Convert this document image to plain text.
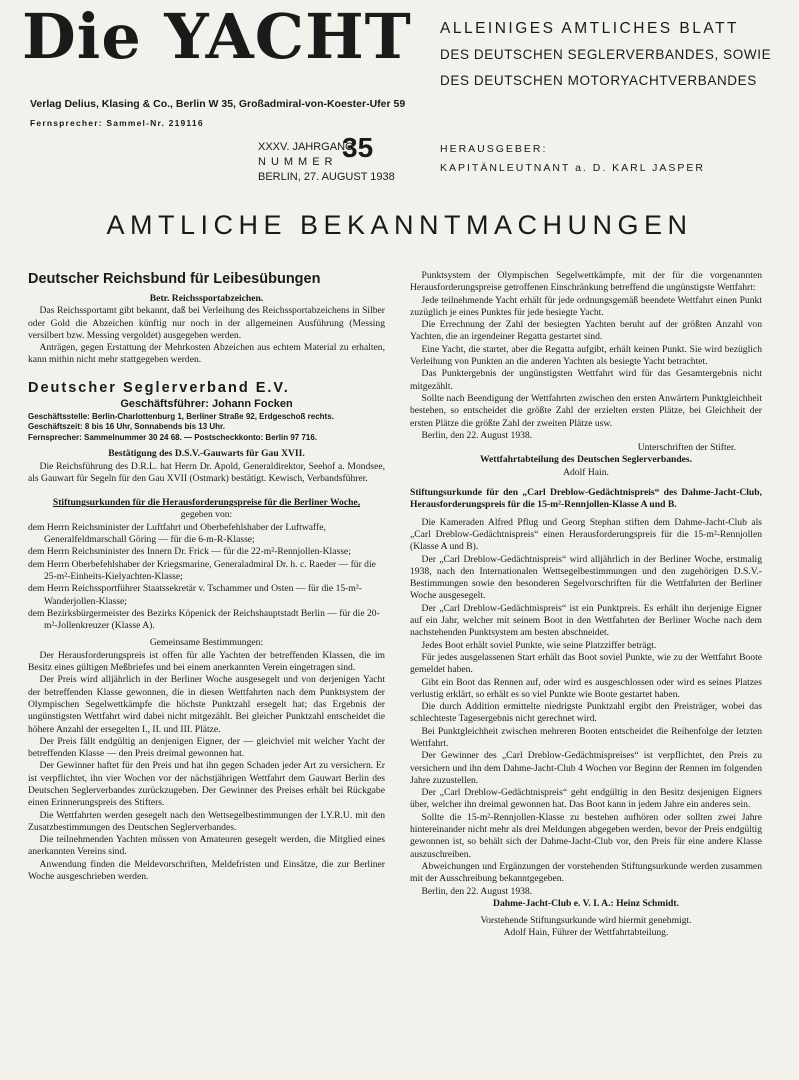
Die YACHT ALLEINIGES AMTLICHES BLATT
DES DEUTSCHEN SEGLERVERBANDES, SOWIE
DES DEUTSCHEN MOTORYACHTVERBANDES
Verlag Delius, Klasing & Co., Berlin W 35, Großadmiral-von-Koester-Ufer 59
Fernsprecher: Sammel-Nr. 219116
XXXV. JAHRGANG
NUMMER
BERLIN, 27. AUGUST 1938
35	HERAUSGEBER:
KAPITÄNLEUTNANT a. D. KARL JASPER
AMTLICHE BEKANNTMACHUNGEN
Deutscher Reichsbund für Leibesübungen
Betr. Reichssportabzeichen.

Das Reichssportamt gibt bekannt, daß bei Verleihung des Reichssportabzeichens in Silber oder Gold die Abzeichen künftig nur noch in der allgemeinen Ausführung (Messing versilbert bzw. Messing vergoldet) ausgegeben werden.

Anträgen, gegen Erstattung der Mehrkosten Abzeichen aus echtem Material zu erhalten, kann mithin nicht mehr stattgegeben werden.

Deutscher Seglerverband E.V.
Geschäftsführer: Johann Focken
Geschäftsstelle: Berlin-Charlottenburg 1, Berliner Straße 92, Erdgeschoß rechts.
Geschäftszeit: 8 bis 16 Uhr, Sonnabends bis 13 Uhr.
Fernsprecher: Sammelnummer 30 24 68. — Postscheckkonto: Berlin 97 716.
Bestätigung des D.S.V.-Gauwarts für Gau XVII.

Die Reichsführung des D.R.L. hat Herrn Dr. Apold, Generaldirektor, Seehof a. Mondsee, als Gauwart für Segeln für den Gau XVII (Ostmark) bestätigt. Kewisch, Verbandsführer.

Stiftungsurkunden für die Herausforderungspreise für die Berliner Woche,
gegeben von:
dem Herrn Reichsminister der Luftfahrt und Oberbefehlshaber der Luftwaffe, Generalfeldmarschall Göring — für die 6-m-R-Klasse;
dem Herrn Reichsminister des Innern Dr. Frick — für die 22-m²-Rennjollen-Klasse;
dem Herrn Oberbefehlshaber der Kriegsmarine, Generaladmiral Dr. h. c. Raeder — für die 25-m²-Einheits-Kielyachten-Klasse;
dem Herrn Reichssportführer Staatssekretär v. Tschammer und Osten — für die 15-m²-Wanderjollen-Klasse;
dem Bezirksbürgermeister des Bezirks Köpenick der Reichshauptstadt Berlin — für die 20-m²-Jollenkreuzer (Klasse A).
Gemeinsame Bestimmungen:

Der Herausforderungspreis ist offen für alle Yachten der betreffenden Klassen, die im Besitz eines gültigen Meßbriefes und bei einem anerkannten Verein eingetragen sind.

Der Preis wird alljährlich in der Berliner Woche ausgesegelt und von derjenigen Yacht der betreffenden Klasse gewonnen, die in diesen Wettfahrten nach dem Punktsystem der Olympischen Segelwettkämpfe die höchste Punktzahl ersegelt hat; das Ergebnis der ungünstigsten Wettfahrt wird dabei nicht mitgezählt. Bei gleicher Punktzahl entscheidet die höhere Anzahl der ersegelten I., II. und III. Plätze.

Der Preis fällt endgültig an denjenigen Eigner, der — gleichviel mit welcher Yacht der betreffenden Klasse — den Preis dreimal gewonnen hat.

Der Gewinner haftet für den Preis und hat ihn gegen Schaden jeder Art zu versichern. Er ist verpflichtet, ihn vier Wochen vor der nächstjährigen Wettfahrt dem Gauwart Berlin des Deutschen Seglerverbandes zurückzugeben. Der Gewinner des Preises erhält bei Rückgabe einen Erinnerungspreis des Stifters.

Die Wettfahrten werden gesegelt nach den Wettsegelbestimmungen der I.Y.R.U. mit den Zusatzbestimmungen des Deutschen Seglerverbandes.

Die teilnehmenden Yachten müssen von Amateuren gesegelt werden, die Mitglied eines anerkannten Vereins sind.

Anwendung finden die Meldevorschriften, Meldefristen und Einsätze, die zur Berliner Woche ausgeschrieben werden.

Punktsystem der Olympischen Segelwettkämpfe, mit der für die vorgenannten Herausforderungspreise getroffenen Einschränkung betreffend die ungünstigste Wettfahrt:

Jede teilnehmende Yacht erhält für jede ordnungsgemäß beendete Wettfahrt einen Punkt zuzüglich je eines Punktes für jede besiegte Yacht.

Die Errechnung der Zahl der besiegten Yachten beruht auf der größten Anzahl von Yachten, die an irgendeiner Regatta gestartet sind.

Eine Yacht, die startet, aber die Regatta aufgibt, erhält keinen Punkt. Sie wird bezüglich Verleihung von Punkten an die anderen Yachten als besiegte Yacht betrachtet.

Das Punktergebnis der ungünstigsten Wettfahrt wird für das Gesamtergebnis nicht mitgezählt.

Sollte nach Beendigung der Wettfahrten zwischen den ersten Anwärtern Punktgleichheit bestehen, so entscheidet die größte Zahl der erzielten ersten Plätze, bei Gleichheit der ersten Plätze die größte Zahl der zweiten Plätze usw.

Berlin, den 22. August 1938.

Unterschriften der Stifter.
Wettfahrtabteilung des Deutschen Seglerverbandes.
Adolf Hain.
Stiftungsurkunde für den „Carl Dreblow-Gedächtnispreis“ des Dahme-Jacht-Club, Herausforderungspreis für die 15-m²-Rennjollen-Klasse A und B.

Die Kameraden Alfred Pflug und Georg Stephan stiften dem Dahme-Jacht-Club als „Carl Dreblow-Gedächtnispreis“ einen Herausforderungspreis für die 15-m²-Rennjollen (Klasse A und B).

Der „Carl Dreblow-Gedächtnispreis“ wird alljährlich in der Berliner Woche, erstmalig 1938, nach den Internationalen Wettsegelbestimmungen und den zugehörigen D.S.V.-Bestimmungen sowie den besonderen Segelvorschriften für die Wettfahrten der Berliner Woche ausgesegelt.

Der „Carl Dreblow-Gedächtnispreis“ ist ein Punktpreis. Es erhält ihn derjenige Eigner auf ein Jahr, welcher mit seinem Boot in den Wettfahrten der Berliner Woche nach dem nachstehenden Punktsystem am besten abschneidet.

Jedes Boot erhält soviel Punkte, wie seine Platzziffer beträgt.

Für jedes ausgelassenen Start erhält das Boot soviel Punkte, wie zu der Wettfahrt Boote gemeldet haben.

Gibt ein Boot das Rennen auf, oder wird es ausgeschlossen oder wird es seines Platzes verlustig erklärt, so erhält es so viel Punkte wie Boote gestartet haben.

Die durch Addition ermittelte niedrigste Punktzahl ergibt den Preisträger, wobei das schlechteste Tagesergebnis nicht gerechnet wird.

Bei Punktgleichheit zwischen mehreren Booten entscheidet die Reihenfolge der letzten Wettfahrt.

Der Gewinner des „Carl Dreblow-Gedächtnispreises“ ist verpflichtet, den Preis zu versichern und ihn dem Dahme-Jacht-Club 4 Wochen vor Beginn der Rennen im folgenden Jahre zuzustellen.

Der „Carl Dreblow-Gedächtnispreis“ geht endgültig in den Besitz desjenigen Eigners über, welcher ihn dreimal gewonnen hat. Das Boot kann in jedem Jahre ein anderes sein.

Sollte die 15-m²-Rennjollen-Klasse zu bestehen aufhören oder sollten zwei Jahre hintereinander nicht mehr als drei Meldungen abgegeben werden, bevor der Preis endgültig gewonnen ist, so behält sich der Dahme-Jacht-Club vor, den Preis für eine andere Klasse auszuschreiben.

Abweichungen und Ergänzungen der vorstehenden Stiftungsurkunde werden zusammen mit der Ausschreibung bekanntgegeben.

Berlin, den 22. August 1938.

Dahme-Jacht-Club e. V. I. A.: Heinz Schmidt.
Vorstehende Stiftungsurkunde wird hiermit genehmigt.
Adolf Hain, Führer der Wettfahrtabteilung.
